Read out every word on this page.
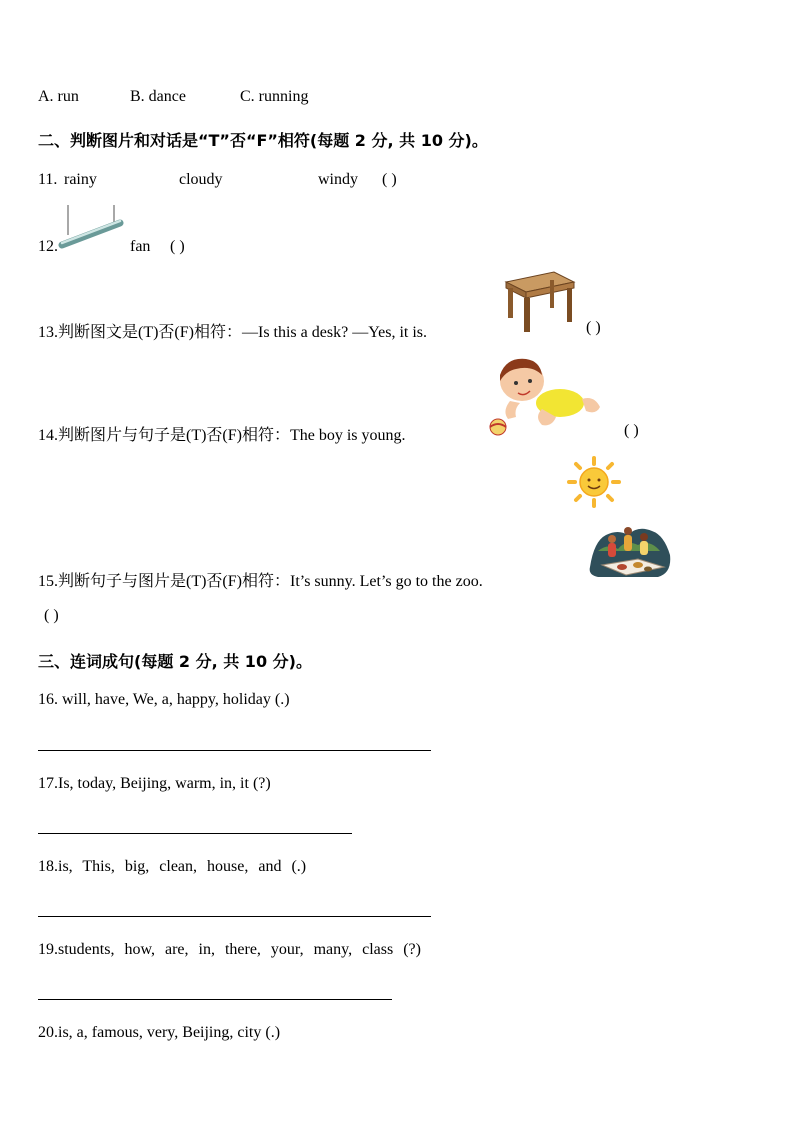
A. run	B. dance	C. running
二、判断图片和对话是“T”否“F”相符(每题 2 分, 共 10 分)。
11. rainy	cloudy	windy ( )
12.	fan ( )
13.判断图文是(T)否(F)相符：—Is this a desk? —Yes, it is.	( )
14.判断图片与句子是(T)否(F)相符：The boy is young.	( )
15.判断句子与图片是(T)否(F)相符：It’s sunny. Let’s go to the zoo.
( )
三、连词成句(每题 2 分, 共 10 分)。
16. will, have, We, a, happy, holiday (.)
17.Is, today, Beijing, warm, in, it (?)
18.is, This, big, clean, house, and (.)
19.students, how, are, in, there, your, many, class (?)
20.is, a, famous, very, Beijing, city (.)
